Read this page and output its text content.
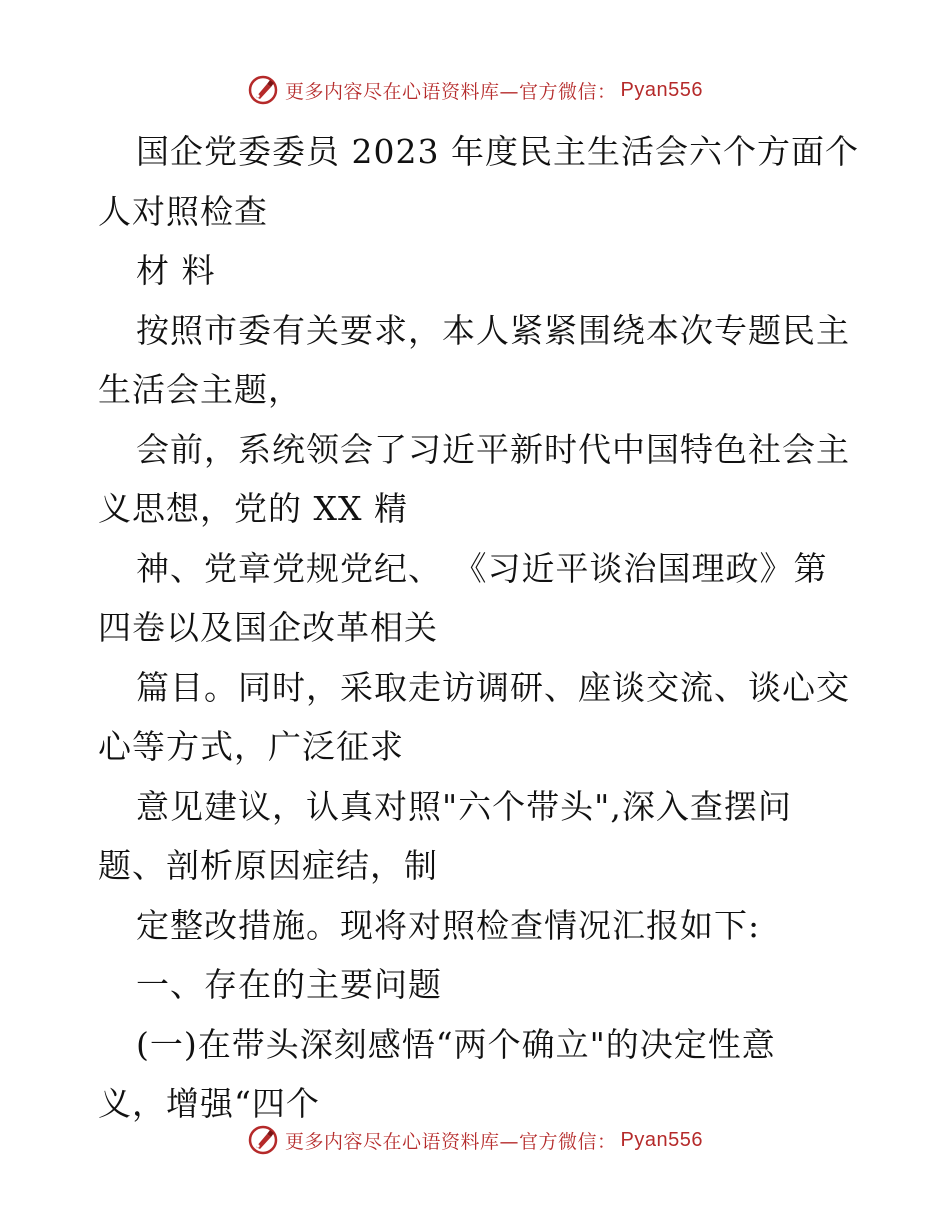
更多内容尽在心语资料库—官方微信： Pyan556
国企党委委员 2023 年度民主生活会六个方面个
人对照检查
材 料
按照市委有关要求，本人紧紧围绕本次专题民主
生活会主题，
会前，系统领会了习近平新时代中国特色社会主
义思想，党的 XX 精
神、党章党规党纪、 《习近平谈治国理政》第
四卷以及国企改革相关
篇目。同时，采取走访调研、座谈交流、谈心交
心等方式，广泛征求
意见建议，认真对照"六个带头",深入查摆问
题、剖析原因症结，制
定整改措施。现将对照检查情况汇报如下:
一、存在的主要问题
(一)在带头深刻感悟“两个确立"的决定性意
义，增强“四个
更多内容尽在心语资料库—官方微信： Pyan556
